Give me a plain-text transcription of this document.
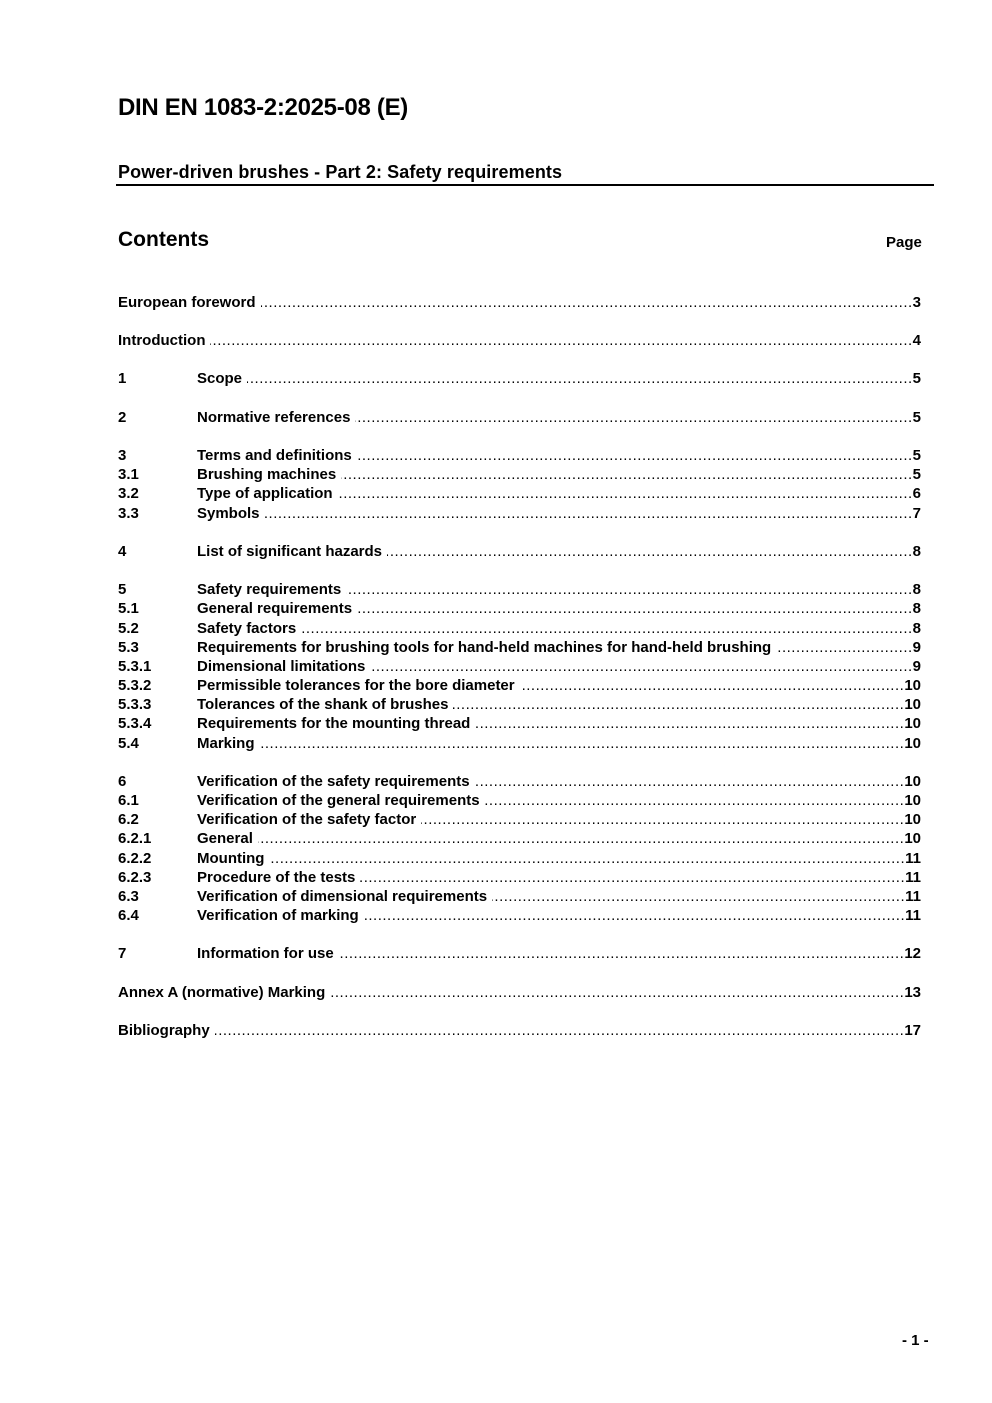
DIN EN 1083-2:2025-08 (E)
Power-driven brushes - Part 2: Safety requirements
Contents	Page
European foreword .....	3
Introduction .....	4
1	Scope .....	5
2	Normative references .....	5
3	Terms and definitions .....	5
3.1	Brushing machines .....	5
3.2	Type of application .....	6
3.3	Symbols .....	7
4	List of significant hazards .....	8
5	Safety requirements .....	8
5.1	General requirements .....	8
5.2	Safety factors .....	8
5.3	Requirements for brushing tools for hand-held machines for hand-held brushing .....	9
5.3.1	Dimensional limitations .....	9
5.3.2	Permissible tolerances for the bore diameter .....	10
5.3.3	Tolerances of the shank of brushes .....	10
5.3.4	Requirements for the mounting thread .....	10
5.4	Marking .....	10
6	Verification of the safety requirements .....	10
6.1	Verification of the general requirements .....	10
6.2	Verification of the safety factor .....	10
6.2.1	General .....	10
6.2.2	Mounting .....	11
6.2.3	Procedure of the tests .....	11
6.3	Verification of dimensional requirements .....	11
6.4	Verification of marking .....	11
7	Information for use .....	12
Annex A (normative) Marking .....	13
Bibliography .....	17
- 1 -
